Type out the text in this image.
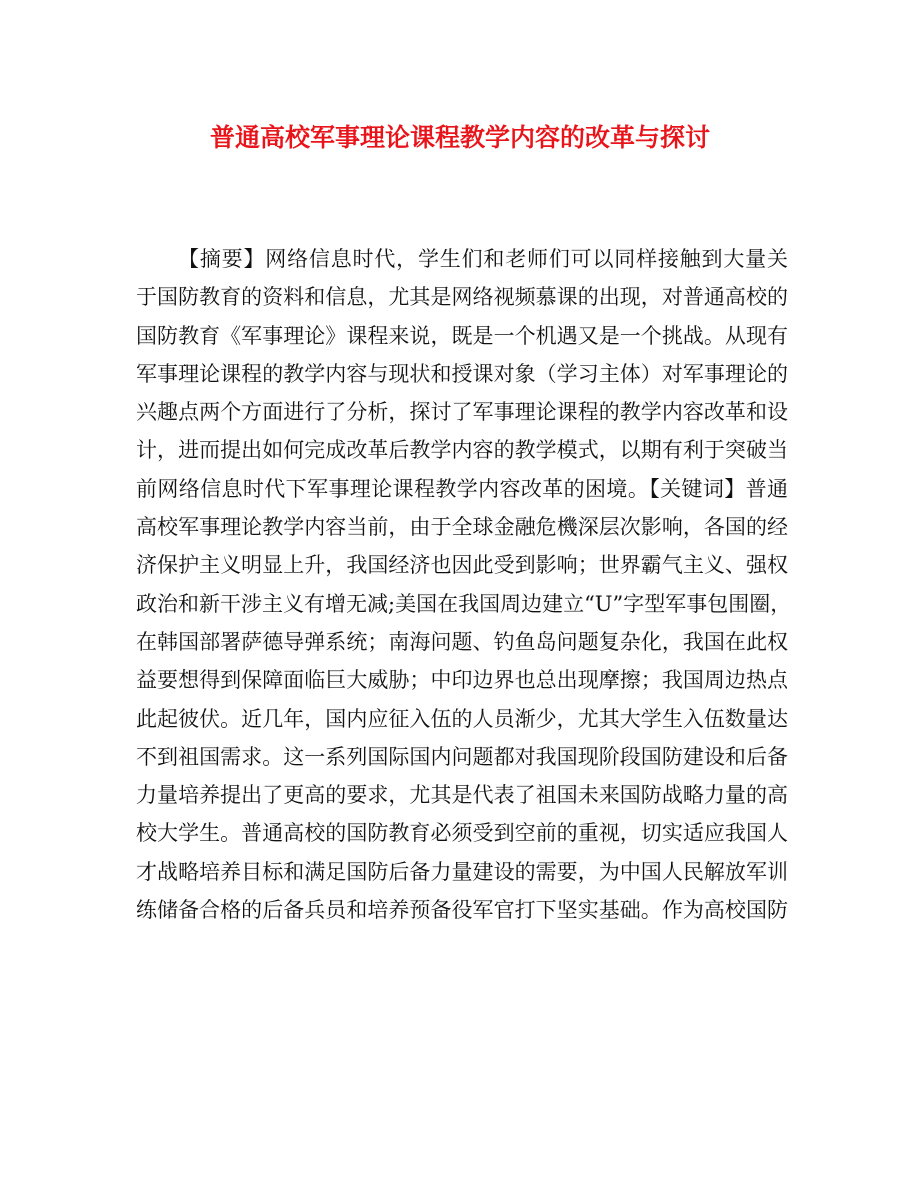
普通高校军事理论课程教学内容的改革与探讨
【摘要】网络信息时代，学生们和老师们可以同样接触到大量关
于国防教育的资料和信息，尤其是网络视频慕课的出现，对普通高校的
国防教育《军事理论》课程来说，既是一个机遇又是一个挑战。从现有
军事理论课程的教学内容与现状和授课对象（学习主体）对军事理论的
兴趣点两个方面进行了分析，探讨了军事理论课程的教学内容改革和设
计，进而提出如何完成改革后教学内容的教学模式，以期有利于突破当
前网络信息时代下军事理论课程教学内容改革的困境。【关键词】普通
高校军事理论教学内容当前，由于全球金融危機深层次影响，各国的经
济保护主义明显上升，我国经济也因此受到影响；世界霸气主义、强权
政治和新干涉主义有增无减;美国在我国周边建立“U”字型军事包围圈，
在韩国部署萨德导弹系统；南海问题、钓鱼岛问题复杂化，我国在此权
益要想得到保障面临巨大威胁；中印边界也总出现摩擦；我国周边热点
此起彼伏。近几年，国内应征入伍的人员渐少，尤其大学生入伍数量达
不到祖国需求。这一系列国际国内问题都对我国现阶段国防建设和后备
力量培养提出了更高的要求，尤其是代表了祖国未来国防战略力量的高
校大学生。普通高校的国防教育必须受到空前的重视，切实适应我国人
才战略培养目标和满足国防后备力量建设的需要，为中国人民解放军训
练储备合格的后备兵员和培养预备役军官打下坚实基础。作为高校国防
